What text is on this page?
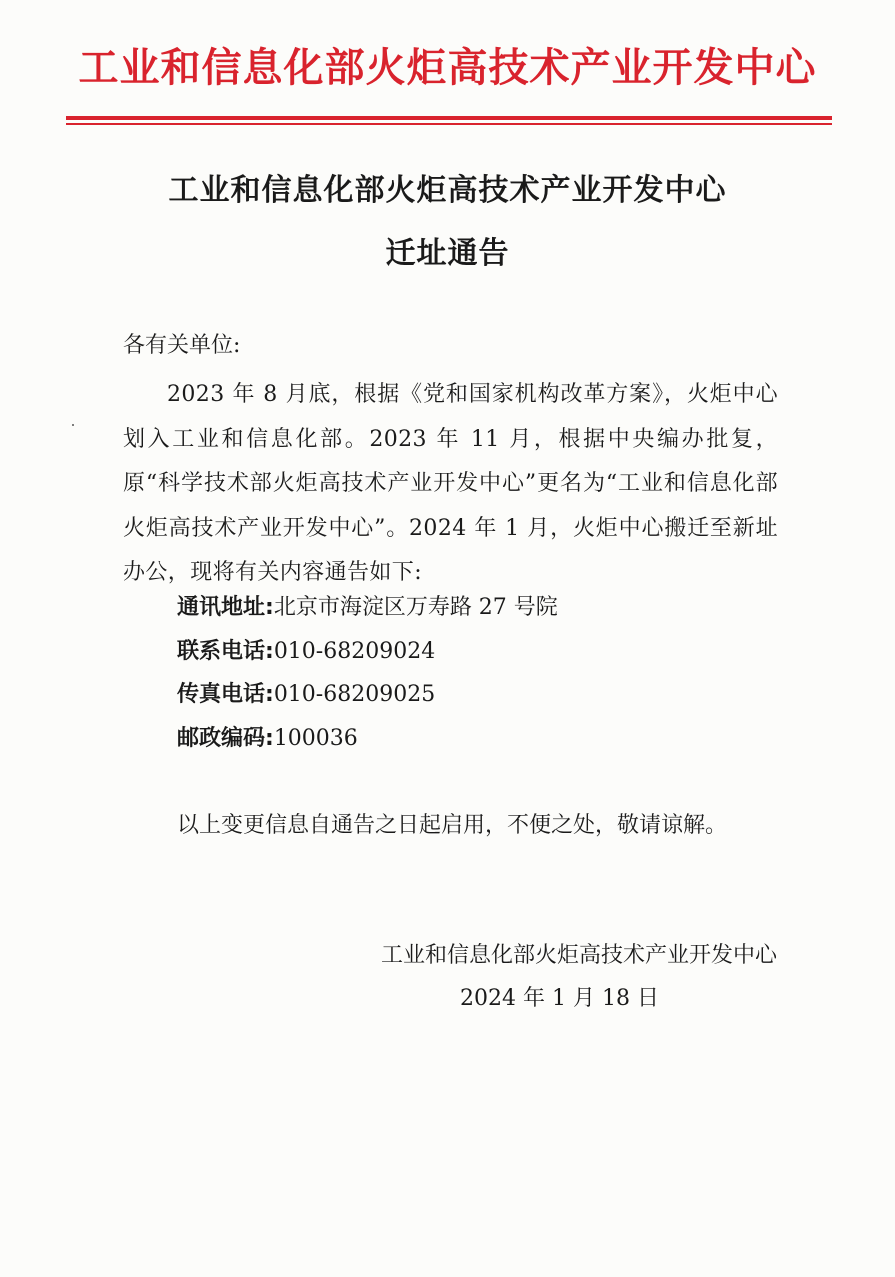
工业和信息化部火炬高技术产业开发中心
工业和信息化部火炬高技术产业开发中心
迁址通告
各有关单位:
2023 年 8 月底，根据《党和国家机构改革方案》，火炬中心划入工业和信息化部。2023 年 11 月，根据中央编办批复，原“科学技术部火炬高技术产业开发中心”更名为“工业和信息化部火炬高技术产业开发中心”。2024 年 1 月，火炬中心搬迁至新址办公，现将有关内容通告如下:
通讯地址:北京市海淀区万寿路 27 号院
联系电话:010-68209024
传真电话:010-68209025
邮政编码:100036
以上变更信息自通告之日起启用，不便之处，敬请谅解。
工业和信息化部火炬高技术产业开发中心
2024 年 1 月 18 日
